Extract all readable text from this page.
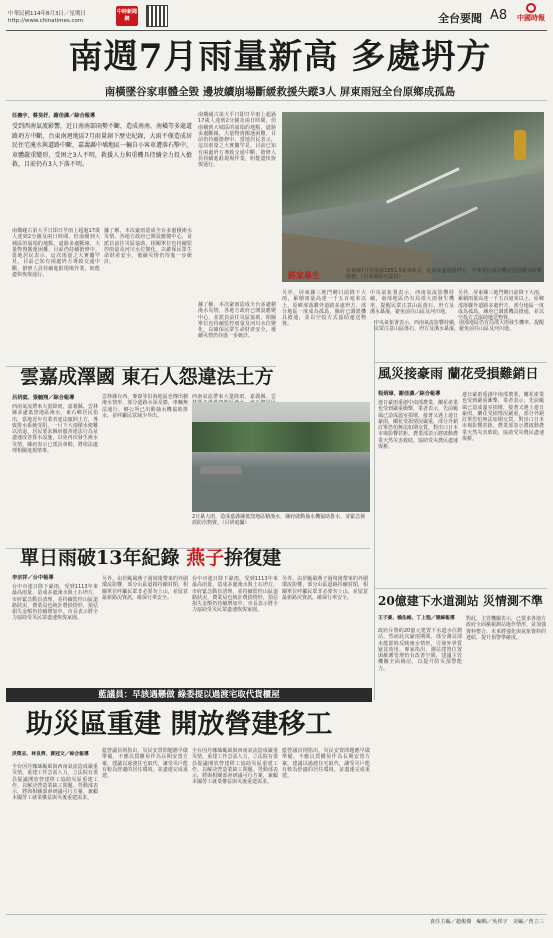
中華民國114年8月3日／星期日
http://www.chinatimes.com
中時新聞網	全台要聞 A8 中國時報
南週7月雨量新高 多處坍方
南橫墜谷家車體全毀 邊坡續崩場斷緩救援失蹤3人 屏東雨冠全台原鄉成孤島
任義宇、蔡旻妤、謝佳潾／綜合報導
受到西南氣流影響，近日南南部雨勢不斷，造成南南、南橫等多處道路坍方中斷，台東南迴地區7月雨量創下歷史紀錄，大雨不僅造成居民住宅淹水與道路中斷，嘉義縣中埔地區一輛自小客車遭落石擊中，車體嚴重變形，受困之3人不明，救援人力與重機具持續全力投入搶救，目前仍有3人下落不明。
南橫碰古第大平日即日早雨上超過17歲人達到2分鐘及兩日時間，但南橫到大城區的崩塌的地點，道路多處斷線，大量物資搬運困難，目前仍持續搶修中。當地居民表示，這次雨量之大實屬罕見，目前已知有兩處坍方導致交通中斷，搶修人員持續進駐現場作業，盼能盡快恢復通行。
據了解，本次豪雨造成全台多處積淹水災情，各地方政府已開設應變中心，並派員前往災區協助，相關單位也持續監控雨量及河川水位變化，以確保民眾生命財產安全，後續災情仍待進一步統計。
南橫碰古第大平日即日早雨上超過17歲人達到2分鐘及兩日時間，但南橫到大城區的崩塌的地點，道路多處斷線，大量物資搬運困難，目前仍持續搶修中。當地居民表示，這次雨量之大實屬罕見，目前已知有兩處坍方導致交通中斷，搶修人員持續進駐現場作業，盼能盡快恢復通行。
路家暴生	台東縣7月雨量創1851.5毫米新高，造成多處道路坍方，中華電信成功機房也因積水影響服務。（台東縣政府提供）
據了解，本次豪雨造成全台多處積淹水災情，各地方政府已開設應變中心，並派員前往災區協助，相關單位也持續監控雨量及河川水位變化，以確保民眾生命財產安全，後續災情仍待進一步統計。
另外，屏東縣三地門鄉日前降下大雨，累積雨量高達一千五百毫米以上，原鄉部落聯外道路多處坍方，部分地區一度成為孤島，縣府已調派機具搶通，並以空投方式協助運送物資。
中央氣象署表示，西南氣流影響持續，南部地區仍有局部大雨發生機率，提醒民眾注意山區落石、坍方及溪水暴漲，避免前往山區及河川地。
另外，屏東縣三地門鄉日前降下大雨，累積雨量高達一千五百毫米以上，原鄉部落聯外道路多處坍方，部分地區一度成為孤島，縣府已調派機具搶通，並以空投方式協助運送物資。
雲嘉成澤國 東石人怨違法土方
呂妍庭、張毓翔／綜合報導
西南氣流帶來大量降雨，嘉義縣、雲林縣多處低窪地區淹水，東石鄉居民指出，當地近年有業者違法傾倒土方，導致排水系統受阻，一旦下大雨積水便難以消退，居民要求縣府徹查違法行為並盡速改善排水設施，以免再次發生淹水災情。縣府表示已派員會勘，將依法處理相關違規情事。
雲林縣台西、麥寮等沿海地區也傳出積淹水情形，部分道路水深及膝，車輛無法通行，鄉公所已出動抽水機協助排水，並呼籲民眾減少外出。
西南氣流帶來大量降雨，嘉義縣、雲
2日暴大雨，造成嘉義縣低窪地區積淹水，縣府啟動抽水機協助排水，並緊急發放防汛物資。（呂妍庭攝）
單日雨破13年紀錄 燕子拚復建
李宗祥／台中報導
台中市連日降下豪雨，受到1113年來最高雨量，造成多處淹水與土石坍方，市府緊急動員清理，並持續監控山區道路狀況，農業局也統計農損情形，預估損失金額仍持續增加中。市長表示將全力協助受災民眾盡速恢復家園。
另外，由於颱風燕子過境後帶來的外圍環流影響，部分山區道路持續封閉，相關單位呼籲民眾非必要勿上山，並留意最新路況資訊，確保行車安全。
台中市連日降下豪雨，受到1113年來最高雨量，造成多處淹水與土石坍方，市府緊急動員清理，並持續監控山區道路狀況，農業局也統計農損情形，預估損失金額仍持續增加中。市長表示將全力協助受災民眾盡速恢復家園。
另外，由於颱風燕子過境後帶來的外圍環流影響，部分山區道路持續封閉，相關單位呼籲民眾非必要勿上山，並留意最新路況資訊，確保行車安全。
中央氣象署表示，西南氣流影響持續，南部地區仍有局部大雨發生機率，提醒民眾注意山區落石、坍方及溪水暴漲，避免前往山區及河川地。
風災接豪雨 蘭花受損難銷日
程炳璋、謝佳潾／綜合報導
連日豪雨重創中南部農業，蘭花產業也受到嚴重衝擊，業者表示，先前颱風已造成溫室損壞，接著又遇上連日豪雨，蘭花受損情況嚴重，部分外銷訂單恐怕無法如期交貨，對出口日本市場影響甚鉅。農業部表示將啟動農業天然災害救助，協助受災農民盡速復耕。
連日豪雨重創中南部農業，蘭花產業也受到嚴重衝擊，業者表示，先前颱風已造成溫室損壞，接著又遇上連日豪雨，蘭花受損情況嚴重，部分外銷訂單恐怕無法如期交貨，對出口日本市場影響甚鉅。農業部表示將啟動農業天然災害救助，協助受災農民盡速復耕。
20億建下水道測站 災情測不準
王子豪、賴佑維、丁上程／連線報導
政府斥資約20億元建置下水道水位測站，然而此次豪雨期間，部分測站卻未能即時反映淹水情形，引發外界質疑其效用。專家指出，測站建置位置與維護管理仍有改善空間，建議主管機關全面檢討，以提升防災預警能力。
對此，主管機關表示，已要求各地方政府全面檢視測站運作情形，並加強資料整合，未來將強化與氣象資料的連結，提升預警準確度。
藍議員：早該遇懸做 綠委提以過渡宅取代貨櫃屋
助災區重建 開放營建移工
洪榮志、林良齊、黃冠文／綜合報導
全台因丹娜絲颱風與西南氣流造成嚴重災情，重建工作急需人力，立法院有委員提議開放營建移工協助災區重建工作，以解決營造業缺工問題。勞動部表示，將與相關部會研議可行方案，兼顧本國勞工就業權益與災後重建需求。
藍營議員則指出，災民安置問題應早做準備，不應以貨櫃屋作為長期安置方案，建議以過渡住宅取代，讓受災戶能有較為舒適的居住環境，並盡速完成重建。
全台因丹娜絲颱風與西南氣流造成嚴重災情，重建工作急需人力，立法院有委員提議開放營建移工協助災區重建工作，以解決營造業缺工問題。勞動部表示，將與相關部會研議可行方案，兼顧本國勞工就業權益與災後重建需求。
藍營議員則指出，災民安置問題應早做準備，不應以貨櫃屋作為長期安置方案，建議以過渡住宅取代，讓受災戶能有較為舒適的居住環境，並盡速完成重建。
責任主編／趙俊傑　編輯／吳邦宇　美編／曾立三
